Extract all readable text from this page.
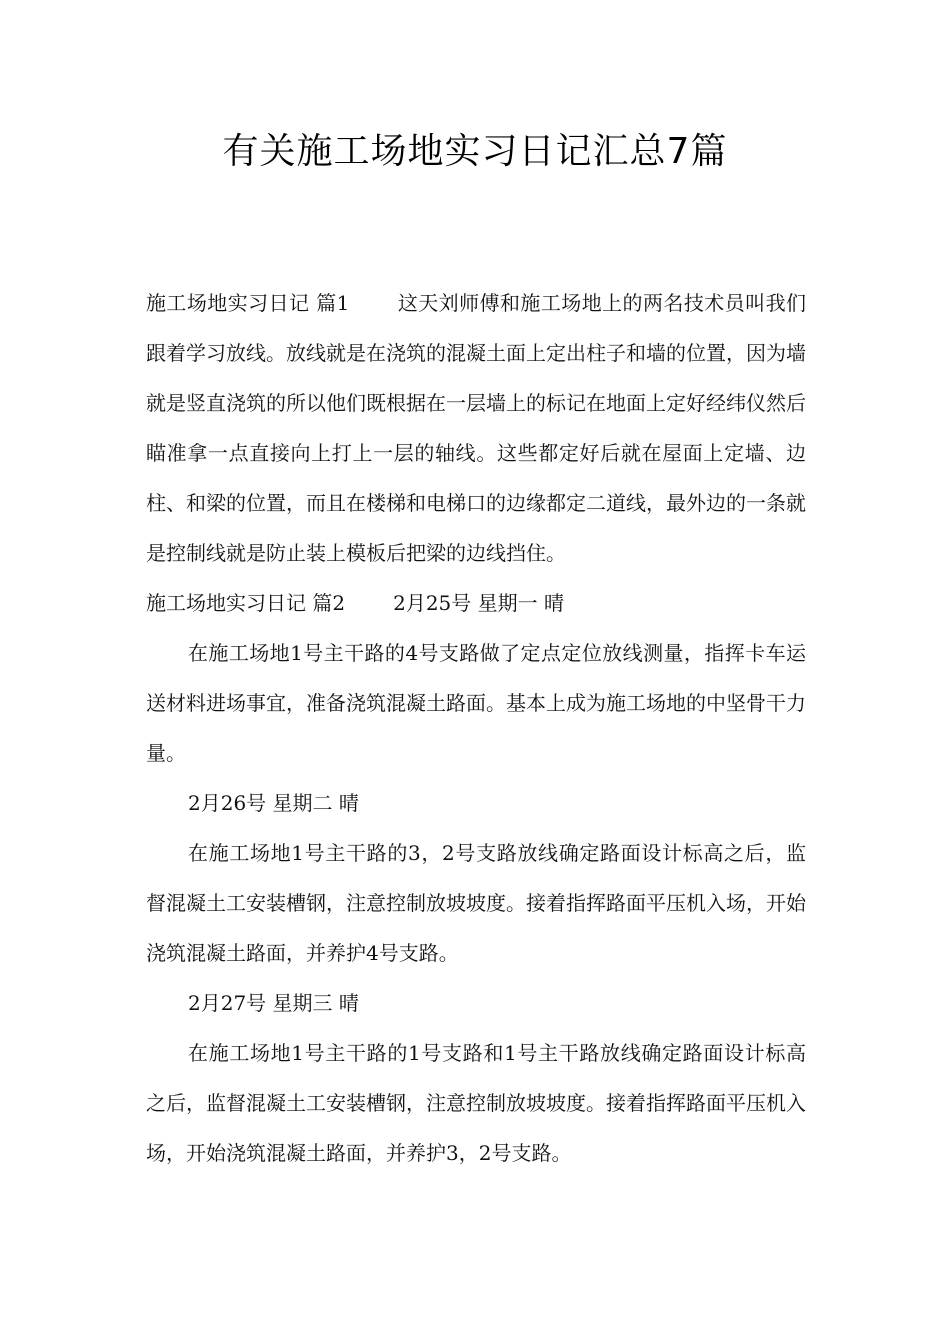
有关施工场地实习日记汇总7篇

施工场地实习日记 篇1 这天刘师傅和施工场地上的两名技术员叫我们跟着学习放线。放线就是在浇筑的混凝土面上定出柱子和墙的位置，因为墙就是竖直浇筑的所以他们既根据在一层墙上的标记在地面上定好经纬仪然后瞄准拿一点直接向上打上一层的轴线。这些都定好后就在屋面上定墙、边柱、和梁的位置，而且在楼梯和电梯口的边缘都定二道线，最外边的一条就是控制线就是防止装上模板后把梁的边线挡住。

施工场地实习日记 篇2 2月25号 星期一 晴

在施工场地1号主干路的4号支路做了定点定位放线测量，指挥卡车运送材料进场事宜，准备浇筑混凝土路面。基本上成为施工场地的中坚骨干力量。

2月26号 星期二 晴

在施工场地1号主干路的3，2号支路放线确定路面设计标高之后，监督混凝土工安装槽钢，注意控制放坡坡度。接着指挥路面平压机入场，开始浇筑混凝土路面，并养护4号支路。

2月27号 星期三 晴

在施工场地1号主干路的1号支路和1号主干路放线确定路面设计标高之后，监督混凝土工安装槽钢，注意控制放坡坡度。接着指挥路面平压机入场，开始浇筑混凝土路面，并养护3，2号支路。
